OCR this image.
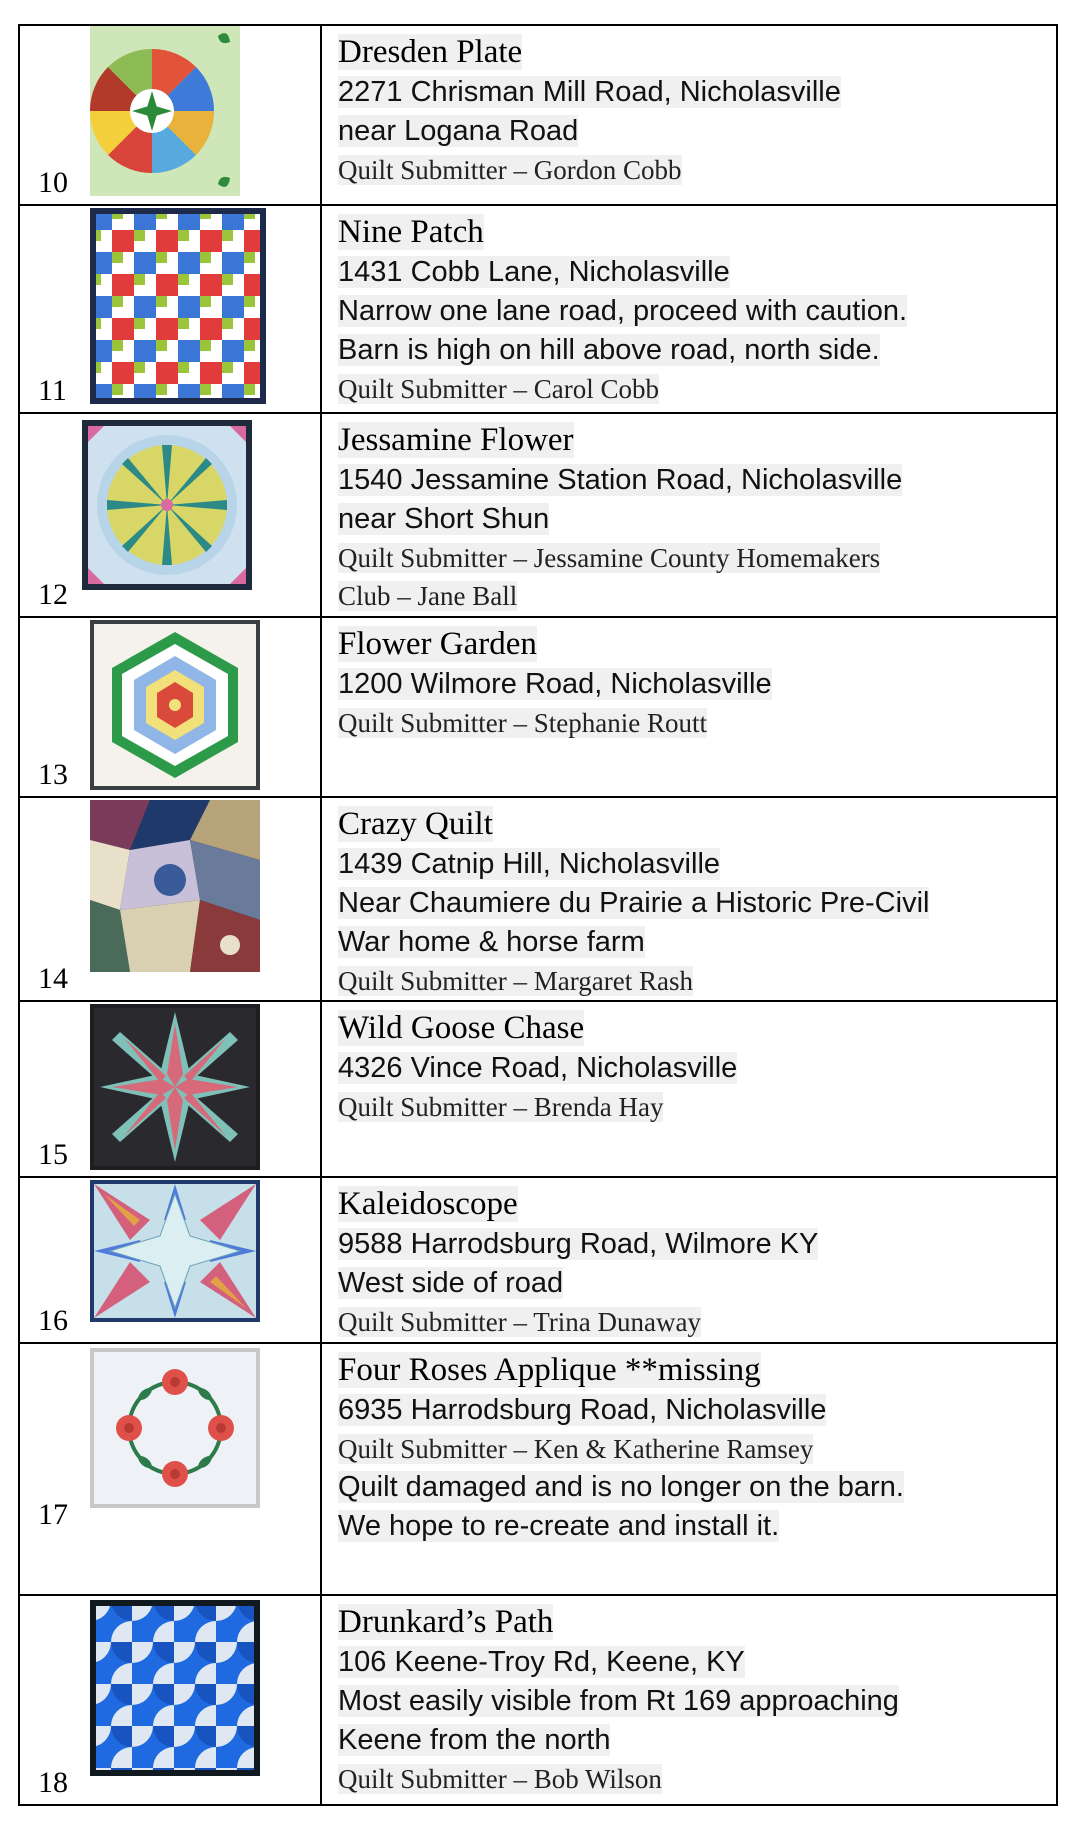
10	Dresden Plate
2271 Chrisman Mill Road, Nicholasville
near Logana Road
Quilt Submitter – Gordon Cobb

11	Nine Patch
1431 Cobb Lane, Nicholasville
Narrow one lane road, proceed with caution.
Barn is high on hill above road, north side.
Quilt Submitter – Carol Cobb

12	Jessamine Flower
1540 Jessamine Station Road, Nicholasville
near Short Shun
Quilt Submitter – Jessamine County Homemakers
Club – Jane Ball

13	Flower Garden
1200 Wilmore Road, Nicholasville
Quilt Submitter – Stephanie Routt

14	Crazy Quilt
1439 Catnip Hill, Nicholasville
Near Chaumiere du Prairie a Historic Pre-Civil
War home & horse farm
Quilt Submitter – Margaret Rash

15	Wild Goose Chase
4326 Vince Road, Nicholasville
Quilt Submitter – Brenda Hay

16	Kaleidoscope
9588 Harrodsburg Road, Wilmore KY
West side of road
Quilt Submitter – Trina Dunaway

17	Four Roses Applique **missing
6935 Harrodsburg Road, Nicholasville
Quilt Submitter – Ken & Katherine Ramsey
Quilt damaged and is no longer on the barn.
We hope to re-create and install it.

18	Drunkard’s Path
106 Keene-Troy Rd, Keene, KY
Most easily visible from Rt 169 approaching
Keene from the north
Quilt Submitter – Bob Wilson
